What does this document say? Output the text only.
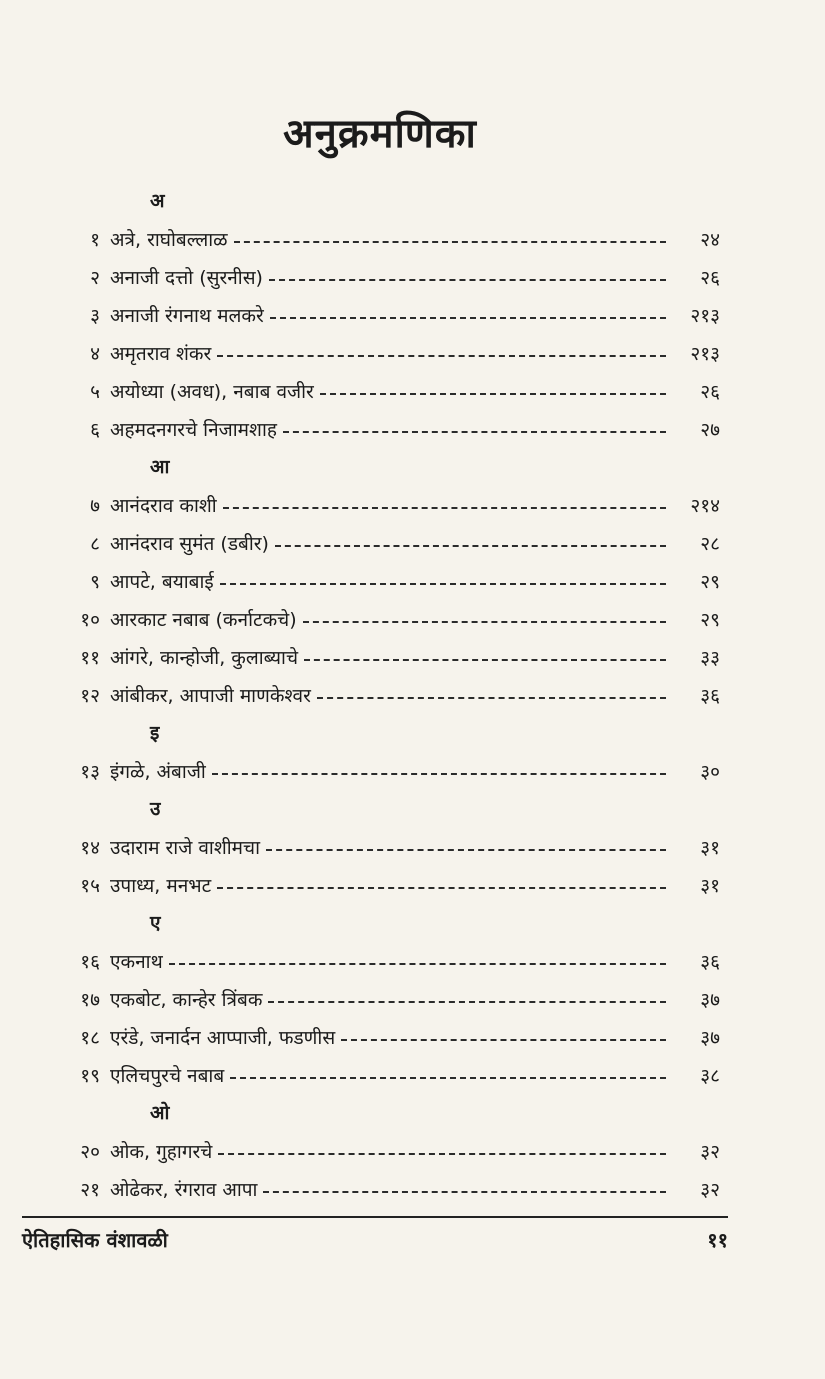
अनुक्रमणिका
अ
१ अत्रे, राघोबल्लाळ	२४
२ अनाजी दत्तो (सुरनीस)	२६
३ अनाजी रंगनाथ मलकरे	२१३
४ अमृतराव शंकर	२१३
५ अयोध्या (अवध), नबाब वजीर	२६
६ अहमदनगरचे निजामशाह	२७
आ
७ आनंदराव काशी	२१४
८ आनंदराव सुमंत (डबीर)	२८
९ आपटे, बयाबाई	२९
१० आरकाट नबाब (कर्नाटकचे)	२९
११ आंगरे, कान्होजी, कुलाब्याचे	३३
१२ आंबीकर, आपाजी माणकेश्वर	३६
इ
१३ इंगळे, अंबाजी	३०
उ
१४ उदाराम राजे वाशीमचा	३१
१५ उपाध्य, मनभट	३१
ए
१६ एकनाथ	३६
१७ एकबोट, कान्हेर त्रिंबक	३७
१८ एरंडे, जनार्दन आप्पाजी, फडणीस	३७
१९ एलिचपुरचे नबाब	३८
ओ
२० ओक, गुहागरचे	३२
२१ ओढेकर, रंगराव आपा	३२
ऐतिहासिक वंशावळी	११
